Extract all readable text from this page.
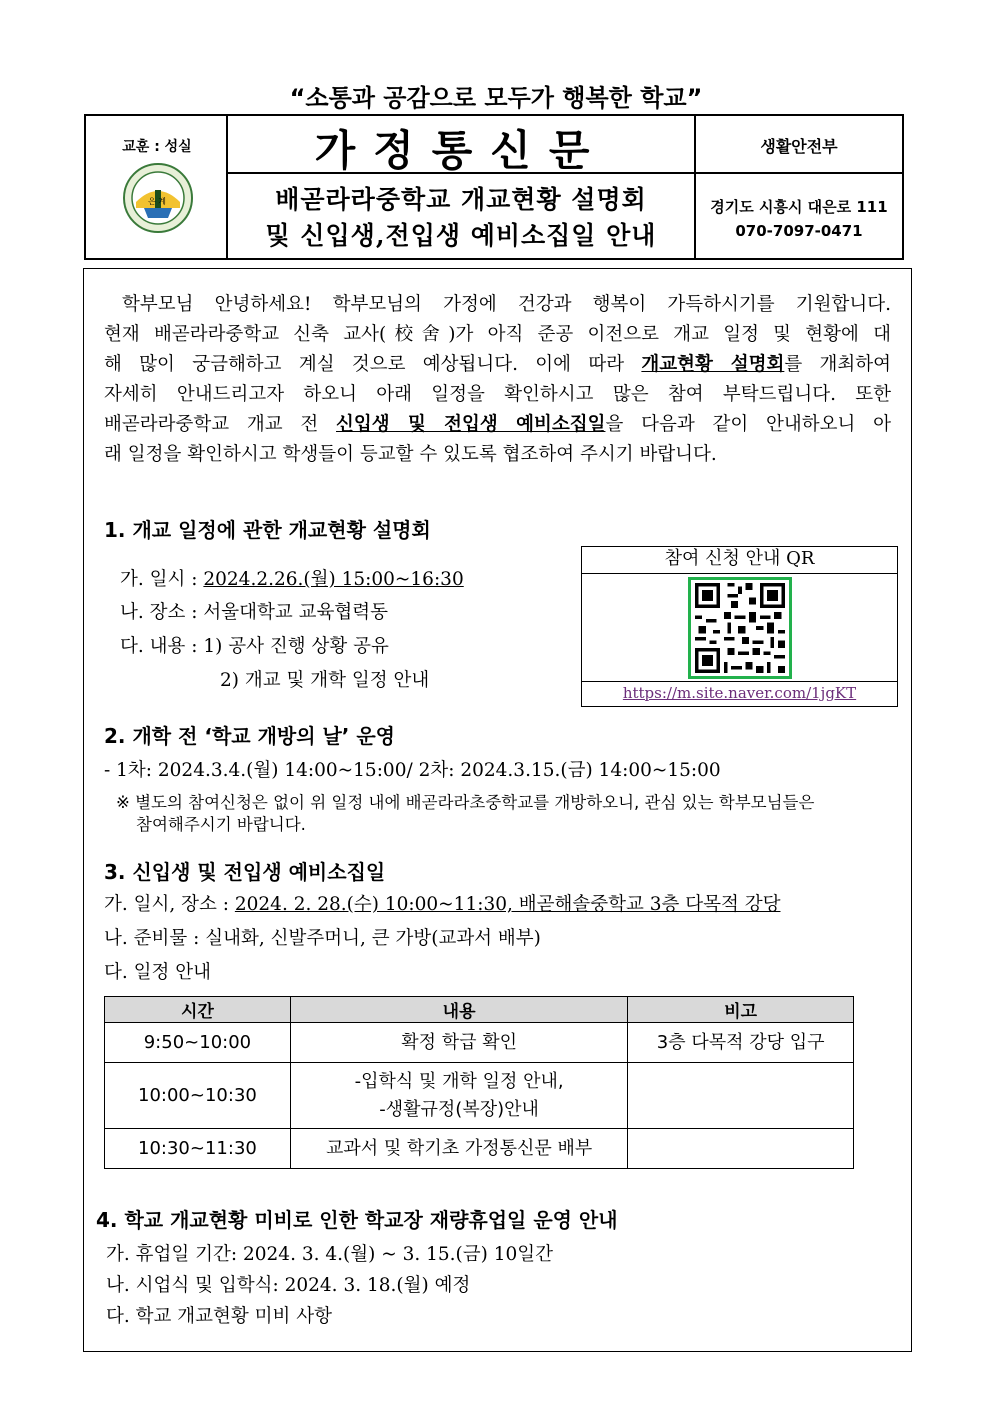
“소통과 공감으로 모두가 행복한 학교”
교훈 : 성실
은 계
가정통신문
배곧라라중학교 개교현황 설명회
및 신입생,전입생 예비소집일 안내
생활안전부
경기도 시흥시 대은로 111
070-7097-0471
학부모님 안녕하세요! 학부모님의 가정에 건강과 행복이 가득하시기를 기원합니다.
현재 배곧라라중학교 신축 교사(校舍)가 아직 준공 이전으로 개교 일정 및 현황에 대
해 많이 궁금해하고 계실 것으로 예상됩니다. 이에 따라 개교현황 설명회를 개최하여
자세히 안내드리고자 하오니 아래 일정을 확인하시고 많은 참여 부탁드립니다. 또한
배곧라라중학교 개교 전 신입생 및 전입생 예비소집일을 다음과 같이 안내하오니 아
래 일정을 확인하시고 학생들이 등교할 수 있도록 협조하여 주시기 바랍니다.
1. 개교 일정에 관한 개교현황 설명회
가. 일시 : 2024.2.26.(월) 15:00~16:30
나. 장소 : 서울대학교 교육협력동
다. 내용 : 1) 공사 진행 상황 공유
2) 개교 및 개학 일정 안내
참여 신청 안내 QR
https://m.site.naver.com/1jgKT
2. 개학 전 ‘학교 개방의 날’ 운영
- 1차: 2024.3.4.(월) 14:00~15:00/ 2차: 2024.3.15.(금) 14:00~15:00
※ 별도의 참여신청은 없이 위 일정 내에 배곧라라초중학교를 개방하오니, 관심 있는 학부모님들은
참여해주시기 바랍니다.
3. 신입생 및 전입생 예비소집일
가. 일시, 장소 : 2024. 2. 28.(수) 10:00~11:30, 배곧해솔중학교 3층 다목적 강당
나. 준비물 : 실내화, 신발주머니, 큰 가방(교과서 배부)
다. 일정 안내
시간	내용	비고
9:50~10:00	확정 학급 확인	3층 다목적 강당 입구
10:00~10:30	-입학식 및 개학 일정 안내,
-생활규정(복장)안내	

10:30~11:30	교과서 및 학기초 가정통신문 배부	
4. 학교 개교현황 미비로 인한 학교장 재량휴업일 운영 안내
가. 휴업일 기간: 2024. 3. 4.(월) ~ 3. 15.(금) 10일간
나. 시업식 및 입학식: 2024. 3. 18.(월) 예정
다. 학교 개교현황 미비 사항
